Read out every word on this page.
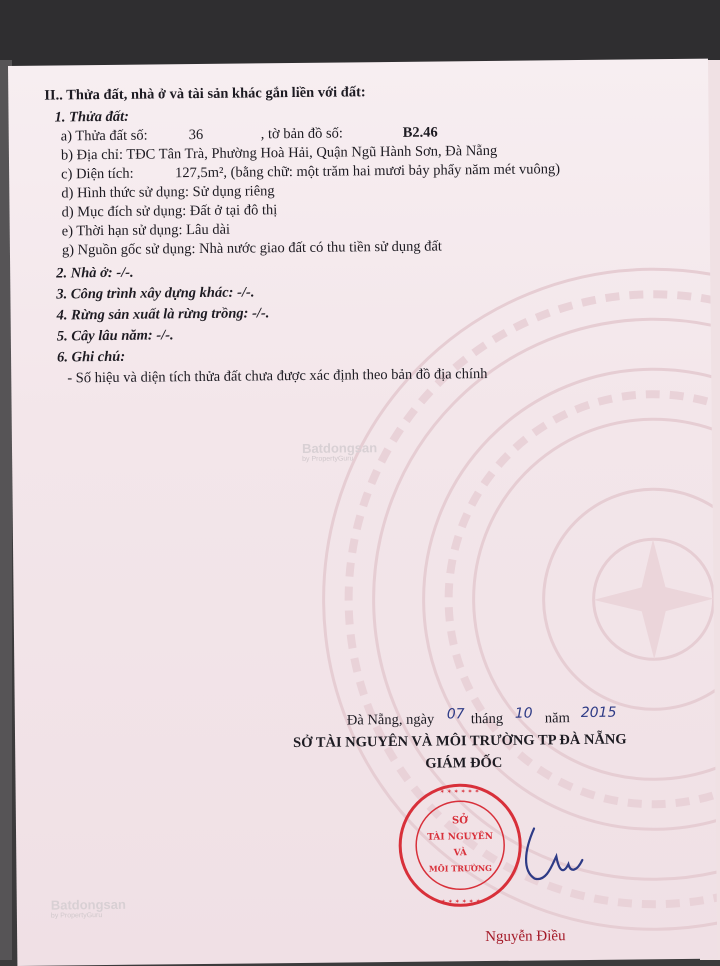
II.. Thửa đất, nhà ở và tài sản khác gắn liền với đất:
1. Thửa đất:
a) Thửa đất số:	36	, tờ bản đồ số:	B2.46
b) Địa chỉ: TĐC Tân Trà, Phường Hoà Hải, Quận Ngũ Hành Sơn, Đà Nẵng
c) Diện tích:	127,5m², (bằng chữ: một trăm hai mươi bảy phẩy năm mét vuông)
d) Hình thức sử dụng: Sử dụng riêng
d) Mục đích sử dụng: Đất ở tại đô thị
e) Thời hạn sử dụng: Lâu dài
g) Nguồn gốc sử dụng: Nhà nước giao đất có thu tiền sử dụng đất
2. Nhà ở: -/-.
3. Công trình xây dựng khác: -/-.
4. Rừng sản xuất là rừng trồng: -/-.
5. Cây lâu năm: -/-.
6. Ghi chú:
- Số hiệu và diện tích thửa đất chưa được xác định theo bản đồ địa chính
Batdongsan
by PropertyGuru
Batdongsan
by PropertyGuru
Đà Nẵng, ngày 07 tháng 10 năm 2015
SỞ TÀI NGUYÊN VÀ MÔI TRƯỜNG TP ĐÀ NẴNG
GIÁM ĐỐC
✶ ✶ ✶ ✶ ✶ ✶
✶ ✶ ✶ ✶ ✶ ✶
SỞ
TÀI NGUYÊN
VÀ
MÔI TRƯỜNG
Nguyễn Điều
